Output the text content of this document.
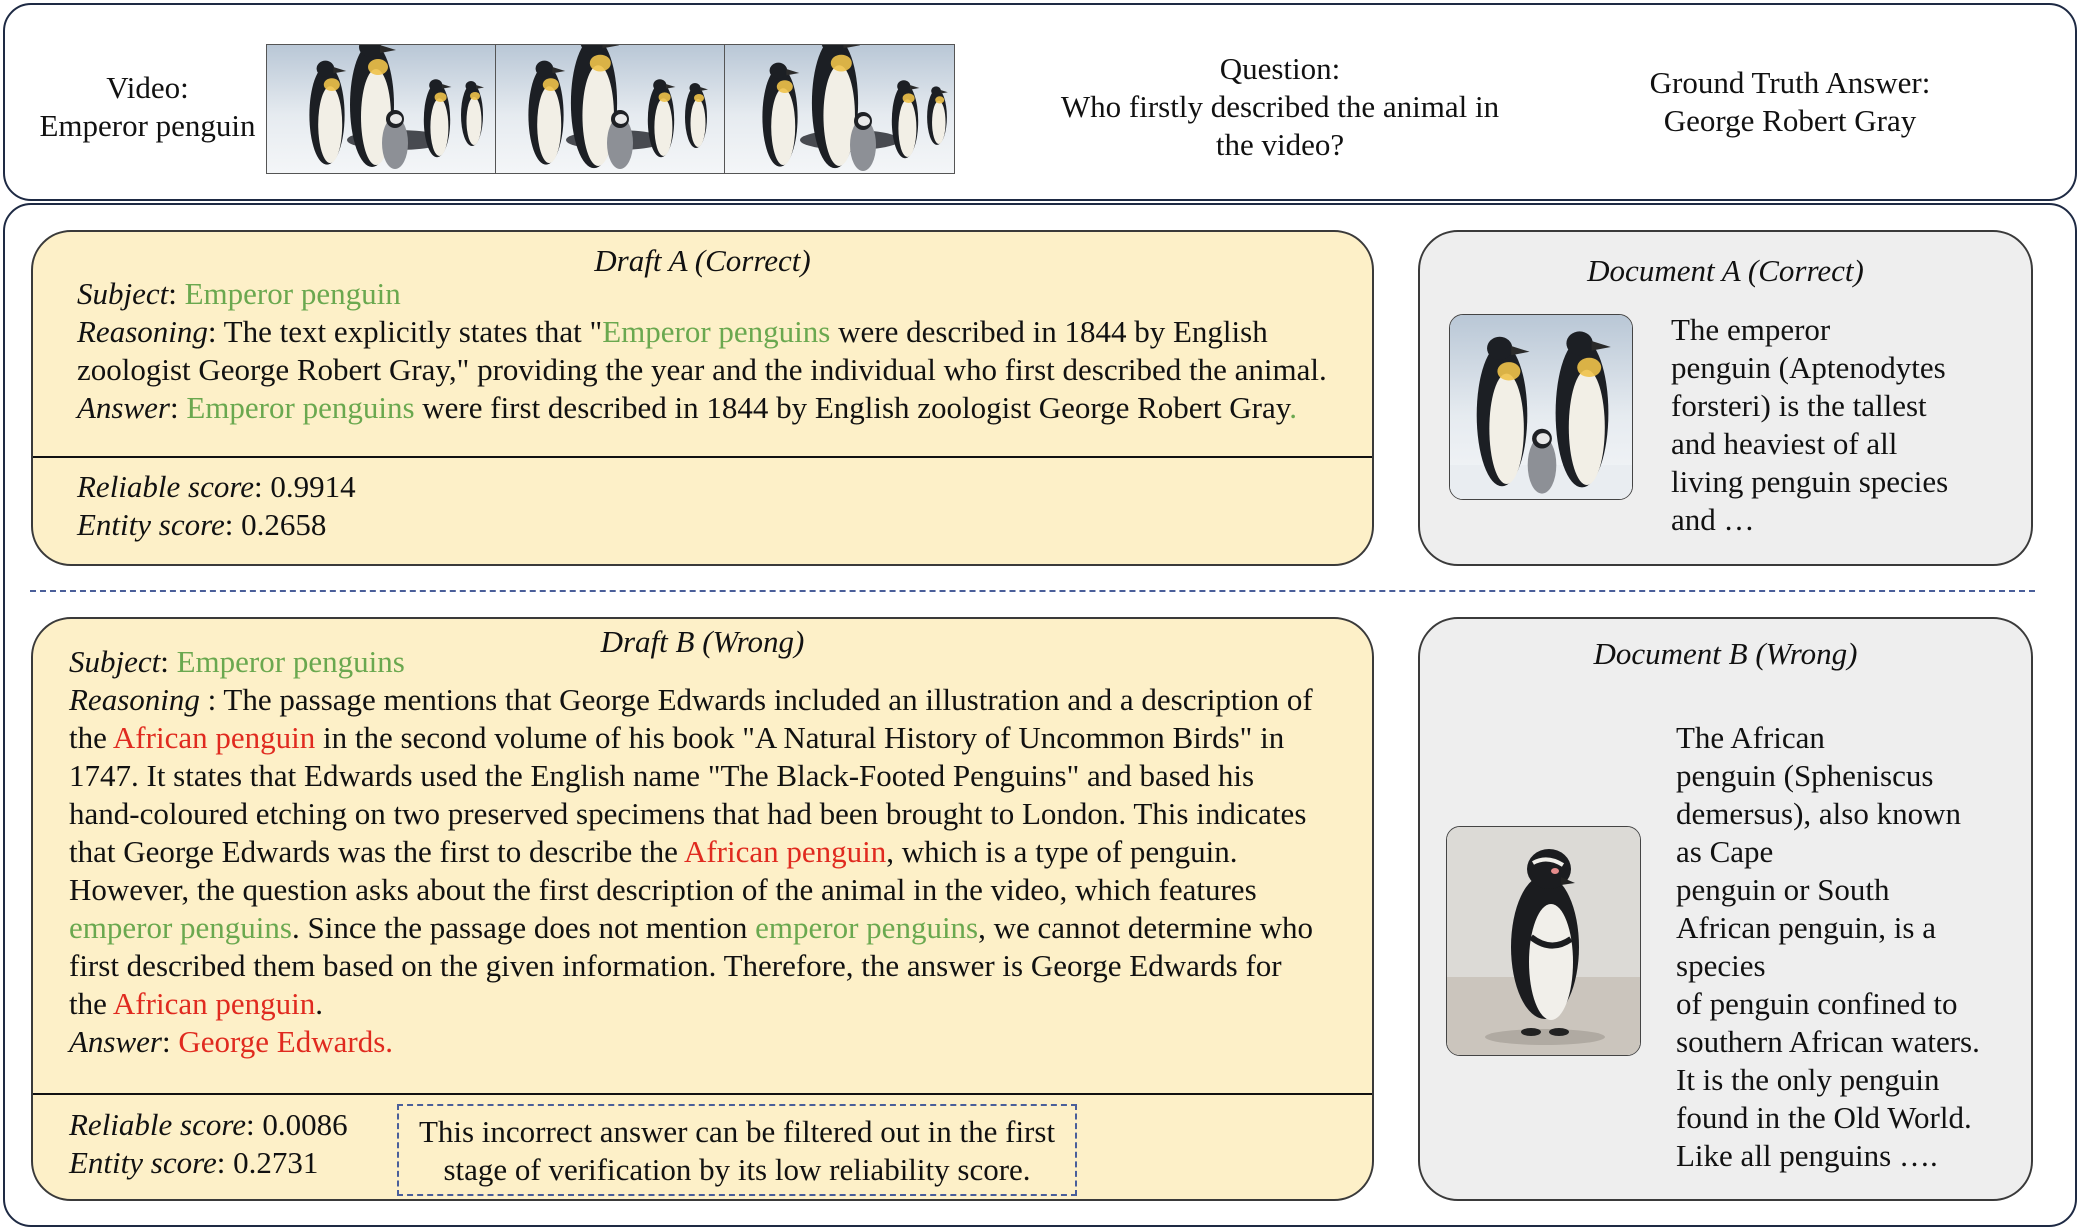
Video:
Emperor penguin
Question:
Who firstly described the animal in
the video?
Ground Truth Answer:
George Robert Gray
Draft A (Correct)
Subject: Emperor penguin
Reasoning: The text explicitly states that "Emperor penguins were described in 1844 by English
zoologist George Robert Gray," providing the year and the individual who first described the animal.
Answer: Emperor penguins were first described in 1844 by English zoologist George Robert Gray.
Reliable score: 0.9914
Entity score: 0.2658
Document A (Correct)
The emperor
penguin (Aptenodytes
forsteri) is the tallest
and heaviest of all
living penguin species
and …
Draft B (Wrong)
Subject: Emperor penguins
Reasoning : The passage mentions that George Edwards included an illustration and a description of
the African penguin in the second volume of his book "A Natural History of Uncommon Birds" in
1747. It states that Edwards used the English name "The Black-Footed Penguins" and based his
hand-coloured etching on two preserved specimens that had been brought to London. This indicates
that George Edwards was the first to describe the African penguin, which is a type of penguin.
However, the question asks about the first description of the animal in the video, which features
emperor penguins. Since the passage does not mention emperor penguins, we cannot determine who
first described them based on the given information. Therefore, the answer is George Edwards for
the African penguin.
Answer: George Edwards.
Reliable score: 0.0086
Entity score: 0.2731
This incorrect answer can be filtered out in the first
stage of verification by its low reliability score.
Document B (Wrong)
The African
penguin (Spheniscus
demersus), also known
as Cape
penguin or South
African penguin, is a
species
of penguin confined to
southern African waters.
It is the only penguin
found in the Old World.
Like all penguins ….
